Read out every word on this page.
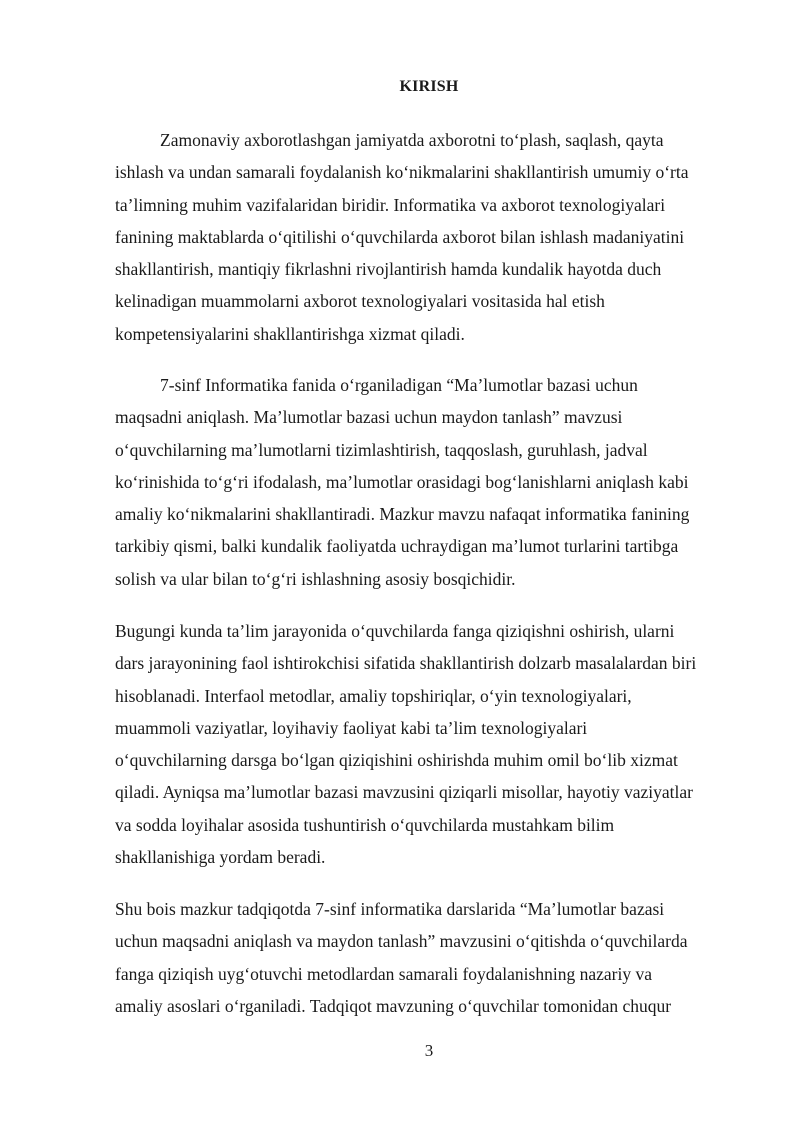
KIRISH
Zamonaviy axborotlashgan jamiyatda axborotni to‘plash, saqlash, qayta
ishlash va undan samarali foydalanish ko‘nikmalarini shakllantirish umumiy o‘rta
ta’limning muhim vazifalaridan biridir. Informatika va axborot texnologiyalari
fanining maktablarda o‘qitilishi o‘quvchilarda axborot bilan ishlash madaniyatini
shakllantirish, mantiqiy fikrlashni rivojlantirish hamda kundalik hayotda duch
kelinadigan muammolarni axborot texnologiyalari vositasida hal etish
kompetensiyalarini shakllantirishga xizmat qiladi.
7-sinf Informatika fanida o‘rganiladigan “Ma’lumotlar bazasi uchun
maqsadni aniqlash. Ma’lumotlar bazasi uchun maydon tanlash” mavzusi
o‘quvchilarning ma’lumotlarni tizimlashtirish, taqqoslash, guruhlash, jadval
ko‘rinishida to‘g‘ri ifodalash, ma’lumotlar orasidagi bog‘lanishlarni aniqlash kabi
amaliy ko‘nikmalarini shakllantiradi. Mazkur mavzu nafaqat informatika fanining
tarkibiy qismi, balki kundalik faoliyatda uchraydigan ma’lumot turlarini tartibga
solish va ular bilan to‘g‘ri ishlashning asosiy bosqichidir.
Bugungi kunda ta’lim jarayonida o‘quvchilarda fanga qiziqishni oshirish, ularni
dars jarayonining faol ishtirokchisi sifatida shakllantirish dolzarb masalalardan biri
hisoblanadi. Interfaol metodlar, amaliy topshiriqlar, o‘yin texnologiyalari,
muammoli vaziyatlar, loyihaviy faoliyat kabi ta’lim texnologiyalari
o‘quvchilarning darsga bo‘lgan qiziqishini oshirishda muhim omil bo‘lib xizmat
qiladi. Ayniqsa ma’lumotlar bazasi mavzusini qiziqarli misollar, hayotiy vaziyatlar
va sodda loyihalar asosida tushuntirish o‘quvchilarda mustahkam bilim
shakllanishiga yordam beradi.
Shu bois mazkur tadqiqotda 7-sinf informatika darslarida “Ma’lumotlar bazasi
uchun maqsadni aniqlash va maydon tanlash” mavzusini o‘qitishda o‘quvchilarda
fanga qiziqish uyg‘otuvchi metodlardan samarali foydalanishning nazariy va
amaliy asoslari o‘rganiladi. Tadqiqot mavzuning o‘quvchilar tomonidan chuqur
3
